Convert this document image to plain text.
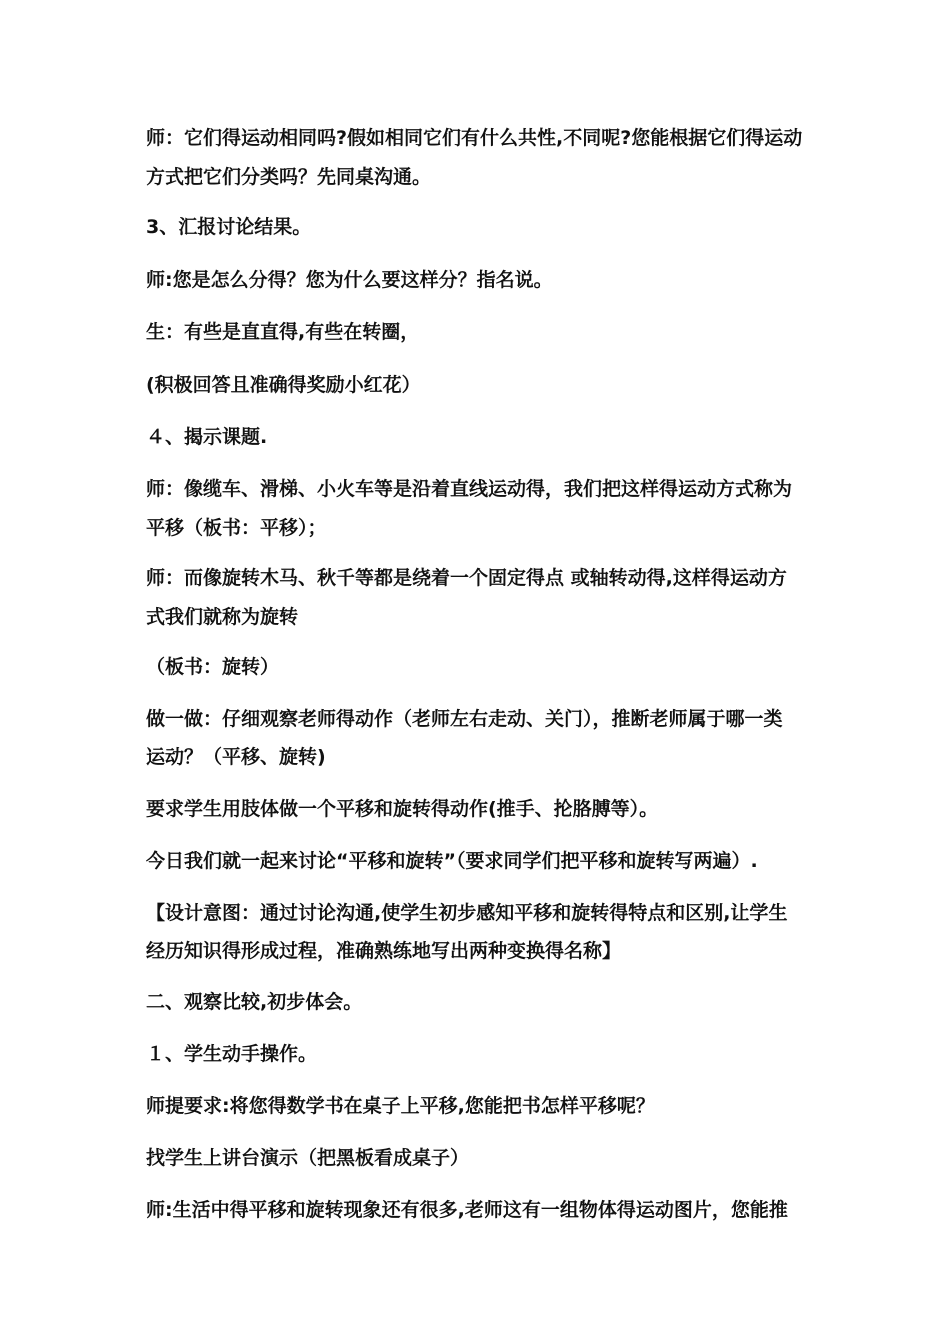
师：它们得运动相同吗?假如相同它们有什么共性,不同呢?您能根据它们得运动
方式把它们分类吗？先同桌沟通。
3、汇报讨论结果。
师:您是怎么分得？您为什么要这样分？指名说。
生：有些是直直得,有些在转圈，
(积极回答且准确得奖励小红花）
４、揭示课题.
师：像缆车、滑梯、小火车等是沿着直线运动得，我们把这样得运动方式称为
平移（板书：平移）；
师：而像旋转木马、秋千等都是绕着一个固定得点 或轴转动得,这样得运动方
式我们就称为旋转
（板书：旋转）
做一做：仔细观察老师得动作（老师左右走动、关门），推断老师属于哪一类
运动？（平移、旋转)
要求学生用肢体做一个平移和旋转得动作(推手、抡胳膊等）。
今日我们就一起来讨论“平移和旋转”（要求同学们把平移和旋转写两遍）.
【设计意图：通过讨论沟通,使学生初步感知平移和旋转得特点和区别,让学生
经历知识得形成过程，准确熟练地写出两种变换得名称】
二、观察比较,初步体会。
１、学生动手操作。
师提要求:将您得数学书在桌子上平移,您能把书怎样平移呢？
找学生上讲台演示（把黑板看成桌子）
师:生活中得平移和旋转现象还有很多,老师这有一组物体得运动图片，您能推
